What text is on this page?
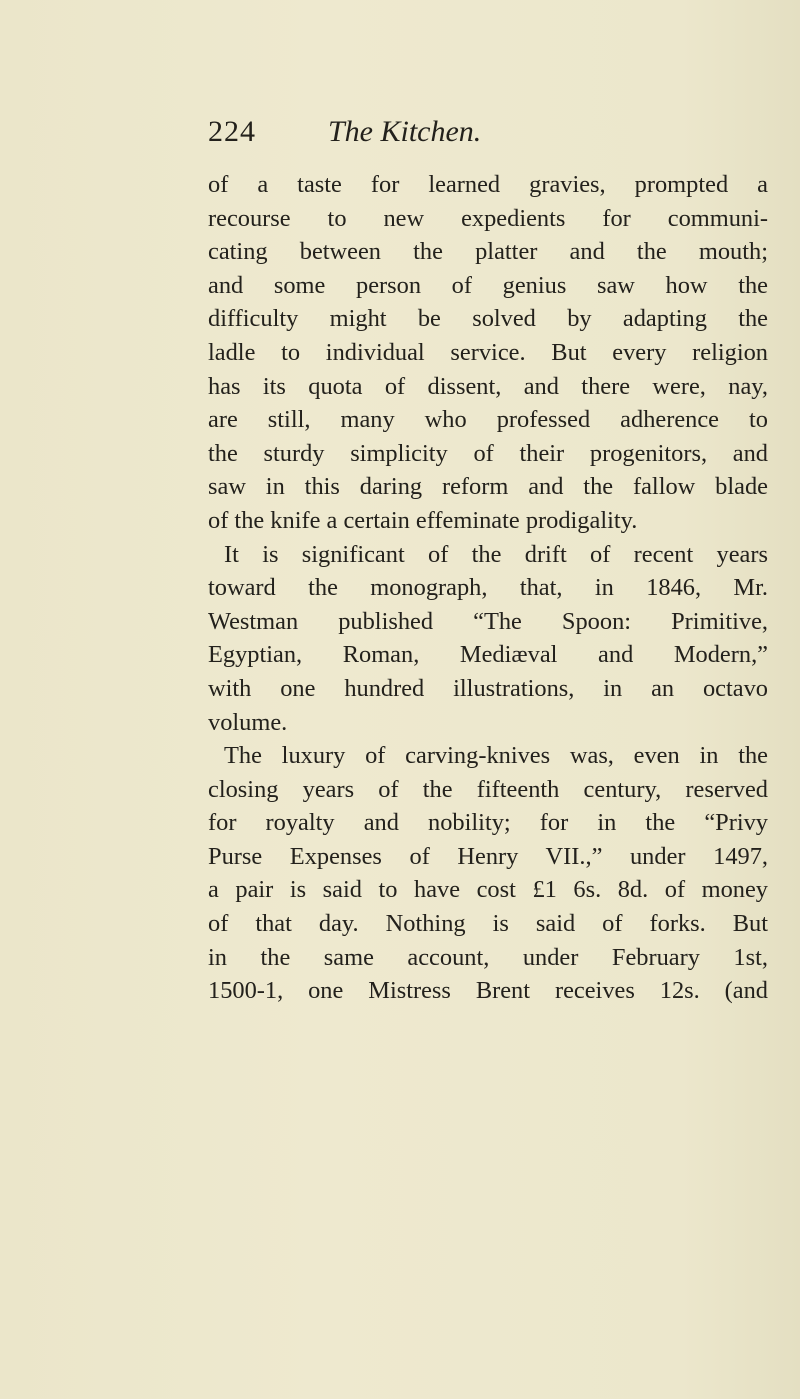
224 The Kitchen.
of a taste for learned gravies, prompted a
recourse to new expedients for communi-
cating between the platter and the mouth;
and some person of genius saw how the
difficulty might be solved by adapting the
ladle to individual service. But every religion
has its quota of dissent, and there were, nay,
are still, many who professed adherence to
the sturdy simplicity of their progenitors, and
saw in this daring reform and the fallow blade
of the knife a certain effeminate prodigality.
It is significant of the drift of recent years
toward the monograph, that, in 1846, Mr.
Westman published “The Spoon: Primitive,
Egyptian, Roman, Mediæval and Modern,”
with one hundred illustrations, in an octavo
volume.
The luxury of carving-knives was, even in the
closing years of the fifteenth century, reserved
for royalty and nobility; for in the “Privy
Purse Expenses of Henry VII.,” under 1497,
a pair is said to have cost £1 6s. 8d. of money
of that day. Nothing is said of forks. But
in the same account, under February 1st,
1500-1, one Mistress Brent receives 12s. (and
